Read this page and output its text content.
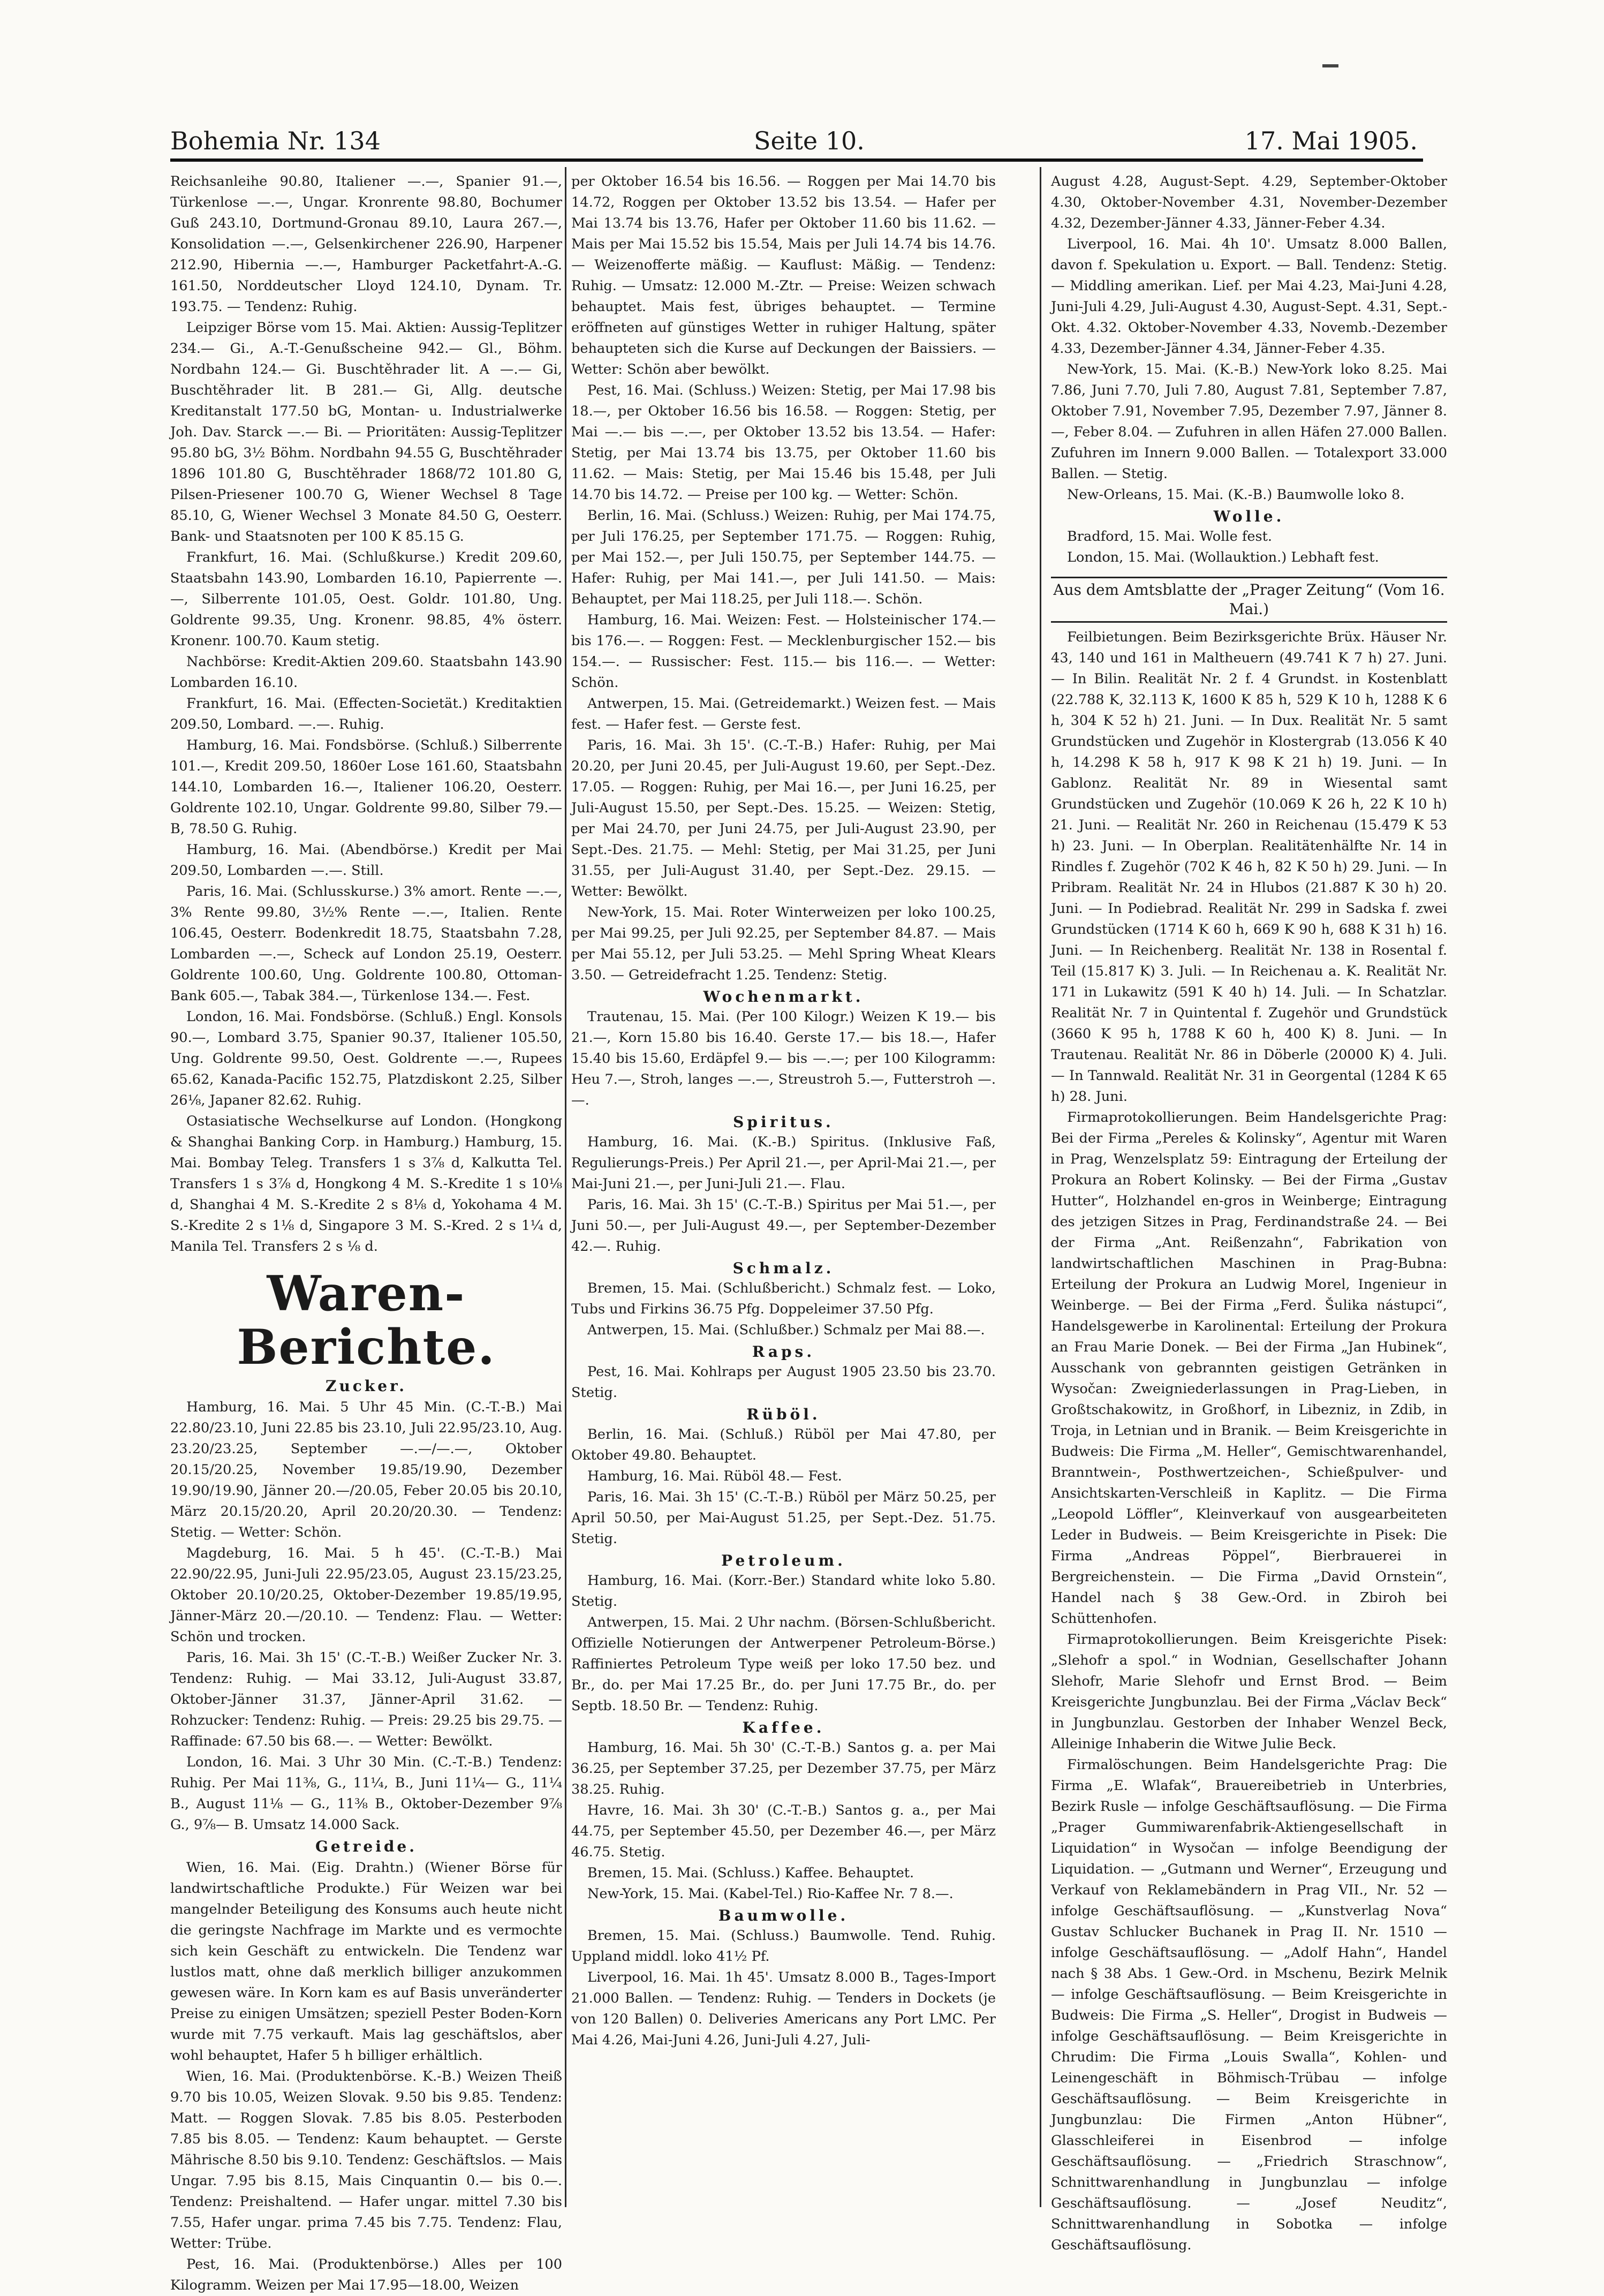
Bohemia Nr. 134	Seite 10.	17. Mai 1905.

Reichsanleihe 90.80, Italiener —.—, Spanier 91.—, Türkenlose —.—, Ungar. Kronrente 98.80, Bochumer Guß 243.10, Dortmund-Gronau 89.10, Laura 267.—, Konsolidation —.—, Gelsenkirchener 226.90, Harpener 212.90, Hibernia —.—, Hamburger Packetfahrt-A.-G. 161.50, Norddeutscher Lloyd 124.10, Dynam. Tr. 193.75. — Tendenz: Ruhig.

Leipziger Börse vom 15. Mai. Aktien: Aussig-Teplitzer 234.— Gi., A.-T.-Genußscheine 942.— Gl., Böhm. Nordbahn 124.— Gi. Buschtěhrader lit. A —.— Gi, Buschtěhrader lit. B 281.— Gi, Allg. deutsche Kreditanstalt 177.50 bG, Montan- u. Industrialwerke Joh. Dav. Starck —.— Bi. — Prioritäten: Aussig-Teplitzer 95.80 bG, 3½ Böhm. Nordbahn 94.55 G, Buschtěhrader 1896 101.80 G, Buschtěhrader 1868/72 101.80 G, Pilsen-Priesener 100.70 G, Wiener Wechsel 8 Tage 85.10, G, Wiener Wechsel 3 Monate 84.50 G, Oesterr. Bank- und Staatsnoten per 100 K 85.15 G.

Frankfurt, 16. Mai. (Schlußkurse.) Kredit 209.60, Staatsbahn 143.90, Lombarden 16.10, Papierrente —.—, Silberrente 101.05, Oest. Goldr. 101.80, Ung. Goldrente 99.35, Ung. Kronenr. 98.85, 4% österr. Kronenr. 100.70. Kaum stetig.

Nachbörse: Kredit-Aktien 209.60. Staatsbahn 143.90 Lombarden 16.10.

Frankfurt, 16. Mai. (Effecten-Societät.) Kreditaktien 209.50, Lombard. —.—. Ruhig.

Hamburg, 16. Mai. Fondsbörse. (Schluß.) Silberrente 101.—, Kredit 209.50, 1860er Lose 161.60, Staatsbahn 144.10, Lombarden 16.—, Italiener 106.20, Oesterr. Goldrente 102.10, Ungar. Goldrente 99.80, Silber 79.— B, 78.50 G. Ruhig.

Hamburg, 16. Mai. (Abendbörse.) Kredit per Mai 209.50, Lombarden —.—. Still.

Paris, 16. Mai. (Schlusskurse.) 3% amort. Rente —.—, 3% Rente 99.80, 3½% Rente —.—, Italien. Rente 106.45, Oesterr. Bodenkredit 18.75, Staatsbahn 7.28, Lombarden —.—, Scheck auf London 25.19, Oesterr. Goldrente 100.60, Ung. Goldrente 100.80, Ottoman-Bank 605.—, Tabak 384.—, Türkenlose 134.—. Fest.

London, 16. Mai. Fondsbörse. (Schluß.) Engl. Konsols 90.—, Lombard 3.75, Spanier 90.37, Italiener 105.50, Ung. Goldrente 99.50, Oest. Goldrente —.—, Rupees 65.62, Kanada-Pacific 152.75, Platzdiskont 2.25, Silber 26⅛, Japaner 82.62. Ruhig.

Ostasiatische Wechselkurse auf London. (Hongkong & Shanghai Banking Corp. in Hamburg.) Hamburg, 15. Mai. Bombay Teleg. Transfers 1 s 3⅞ d, Kalkutta Tel. Transfers 1 s 3⅞ d, Hongkong 4 M. S.-Kredite 1 s 10⅛ d, Shanghai 4 M. S.-Kredite 2 s 8⅛ d, Yokohama 4 M. S.-Kredite 2 s 1⅛ d, Singapore 3 M. S.-Kred. 2 s 1¼ d, Manila Tel. Transfers 2 s ⅛ d.

Waren-Berichte.
Zucker.

Hamburg, 16. Mai. 5 Uhr 45 Min. (C.-T.-B.) Mai 22.80/23.10, Juni 22.85 bis 23.10, Juli 22.95/23.10, Aug. 23.20/23.25, September —.—/—.—, Oktober 20.15/20.25, November 19.85/19.90, Dezember 19.90/19.90, Jänner 20.—/20.05, Feber 20.05 bis 20.10, März 20.15/20.20, April 20.20/20.30. — Tendenz: Stetig. — Wetter: Schön.

Magdeburg, 16. Mai. 5 h 45'. (C.-T.-B.) Mai 22.90/22.95, Juni-Juli 22.95/23.05, August 23.15/23.25, Oktober 20.10/20.25, Oktober-Dezember 19.85/19.95, Jänner-März 20.—/20.10. — Tendenz: Flau. — Wetter: Schön und trocken.

Paris, 16. Mai. 3h 15' (C.-T.-B.) Weißer Zucker Nr. 3. Tendenz: Ruhig. — Mai 33.12, Juli-August 33.87, Oktober-Jänner 31.37, Jänner-April 31.62. — Rohzucker: Tendenz: Ruhig. — Preis: 29.25 bis 29.75. — Raffinade: 67.50 bis 68.—. — Wetter: Bewölkt.

London, 16. Mai. 3 Uhr 30 Min. (C.-T.-B.) Tendenz: Ruhig. Per Mai 11⅜, G., 11¼, B., Juni 11¼— G., 11¼ B., August 11⅛ — G., 11⅜ B., Oktober-Dezember 9⅞ G., 9⅞— B. Umsatz 14.000 Sack.

Getreide.

Wien, 16. Mai. (Eig. Drahtn.) (Wiener Börse für landwirtschaftliche Produkte.) Für Weizen war bei mangelnder Beteiligung des Konsums auch heute nicht die geringste Nachfrage im Markte und es vermochte sich kein Geschäft zu entwickeln. Die Tendenz war lustlos matt, ohne daß merklich billiger anzukommen gewesen wäre. In Korn kam es auf Basis unveränderter Preise zu einigen Umsätzen; speziell Pester Boden-Korn wurde mit 7.75 verkauft. Mais lag geschäftslos, aber wohl behauptet, Hafer 5 h billiger erhältlich.

Wien, 16. Mai. (Produktenbörse. K.-B.) Weizen Theiß 9.70 bis 10.05, Weizen Slovak. 9.50 bis 9.85. Tendenz: Matt. — Roggen Slovak. 7.85 bis 8.05. Pesterboden 7.85 bis 8.05. — Tendenz: Kaum behauptet. — Gerste Mährische 8.50 bis 9.10. Tendenz: Geschäftslos. — Mais Ungar. 7.95 bis 8.15, Mais Cinquantin 0.— bis 0.—. Tendenz: Preishaltend. — Hafer ungar. mittel 7.30 bis 7.55, Hafer ungar. prima 7.45 bis 7.75. Tendenz: Flau, Wetter: Trübe.

Pest, 16. Mai. (Produktenbörse.) Alles per 100 Kilogramm. Weizen per Mai 17.95—18.00, Weizen

per Oktober 16.54 bis 16.56. — Roggen per Mai 14.70 bis 14.72, Roggen per Oktober 13.52 bis 13.54. — Hafer per Mai 13.74 bis 13.76, Hafer per Oktober 11.60 bis 11.62. — Mais per Mai 15.52 bis 15.54, Mais per Juli 14.74 bis 14.76. — Weizenofferte mäßig. — Kauflust: Mäßig. — Tendenz: Ruhig. — Umsatz: 12.000 M.-Ztr. — Preise: Weizen schwach behauptet. Mais fest, übriges behauptet. — Termine eröffneten auf günstiges Wetter in ruhiger Haltung, später behaupteten sich die Kurse auf Deckungen der Baissiers. — Wetter: Schön aber bewölkt.

Pest, 16. Mai. (Schluss.) Weizen: Stetig, per Mai 17.98 bis 18.—, per Oktober 16.56 bis 16.58. — Roggen: Stetig, per Mai —.— bis —.—, per Oktober 13.52 bis 13.54. — Hafer: Stetig, per Mai 13.74 bis 13.75, per Oktober 11.60 bis 11.62. — Mais: Stetig, per Mai 15.46 bis 15.48, per Juli 14.70 bis 14.72. — Preise per 100 kg. — Wetter: Schön.

Berlin, 16. Mai. (Schluss.) Weizen: Ruhig, per Mai 174.75, per Juli 176.25, per September 171.75. — Roggen: Ruhig, per Mai 152.—, per Juli 150.75, per September 144.75. — Hafer: Ruhig, per Mai 141.—, per Juli 141.50. — Mais: Behauptet, per Mai 118.25, per Juli 118.—. Schön.

Hamburg, 16. Mai. Weizen: Fest. — Holsteinischer 174.— bis 176.—. — Roggen: Fest. — Mecklenburgischer 152.— bis 154.—. — Russischer: Fest. 115.— bis 116.—. — Wetter: Schön.

Antwerpen, 15. Mai. (Getreidemarkt.) Weizen fest. — Mais fest. — Hafer fest. — Gerste fest.

Paris, 16. Mai. 3h 15'. (C.-T.-B.) Hafer: Ruhig, per Mai 20.20, per Juni 20.45, per Juli-August 19.60, per Sept.-Dez. 17.05. — Roggen: Ruhig, per Mai 16.—, per Juni 16.25, per Juli-August 15.50, per Sept.-Des. 15.25. — Weizen: Stetig, per Mai 24.70, per Juni 24.75, per Juli-August 23.90, per Sept.-Des. 21.75. — Mehl: Stetig, per Mai 31.25, per Juni 31.55, per Juli-August 31.40, per Sept.-Dez. 29.15. — Wetter: Bewölkt.

New-York, 15. Mai. Roter Winterweizen per loko 100.25, per Mai 99.25, per Juli 92.25, per September 84.87. — Mais per Mai 55.12, per Juli 53.25. — Mehl Spring Wheat Klears 3.50. — Getreidefracht 1.25. Tendenz: Stetig.

Wochenmarkt.

Trautenau, 15. Mai. (Per 100 Kilogr.) Weizen K 19.— bis 21.—, Korn 15.80 bis 16.40. Gerste 17.— bis 18.—, Hafer 15.40 bis 15.60, Erdäpfel 9.— bis —.—; per 100 Kilogramm: Heu 7.—, Stroh, langes —.—, Streustroh 5.—, Futterstroh —.—.

Spiritus.

Hamburg, 16. Mai. (K.-B.) Spiritus. (Inklusive Faß, Regulierungs-Preis.) Per April 21.—, per April-Mai 21.—, per Mai-Juni 21.—, per Juni-Juli 21.—. Flau.

Paris, 16. Mai. 3h 15' (C.-T.-B.) Spiritus per Mai 51.—, per Juni 50.—, per Juli-August 49.—, per September-Dezember 42.—. Ruhig.

Schmalz.

Bremen, 15. Mai. (Schlußbericht.) Schmalz fest. — Loko, Tubs und Firkins 36.75 Pfg. Doppeleimer 37.50 Pfg.

Antwerpen, 15. Mai. (Schlußber.) Schmalz per Mai 88.—.

Raps.

Pest, 16. Mai. Kohlraps per August 1905 23.50 bis 23.70. Stetig.

Rüböl.

Berlin, 16. Mai. (Schluß.) Rüböl per Mai 47.80, per Oktober 49.80. Behauptet.

Hamburg, 16. Mai. Rüböl 48.— Fest.

Paris, 16. Mai. 3h 15' (C.-T.-B.) Rüböl per März 50.25, per April 50.50, per Mai-August 51.25, per Sept.-Dez. 51.75. Stetig.

Petroleum.

Hamburg, 16. Mai. (Korr.-Ber.) Standard white loko 5.80. Stetig.

Antwerpen, 15. Mai. 2 Uhr nachm. (Börsen-Schlußbericht. Offizielle Notierungen der Antwerpener Petroleum-Börse.) Raffiniertes Petroleum Type weiß per loko 17.50 bez. und Br., do. per Mai 17.25 Br., do. per Juni 17.75 Br., do. per Septb. 18.50 Br. — Tendenz: Ruhig.

Kaffee.

Hamburg, 16. Mai. 5h 30' (C.-T.-B.) Santos g. a. per Mai 36.25, per September 37.25, per Dezember 37.75, per März 38.25. Ruhig.

Havre, 16. Mai. 3h 30' (C.-T.-B.) Santos g. a., per Mai 44.75, per September 45.50, per Dezember 46.—, per März 46.75. Stetig.

Bremen, 15. Mai. (Schluss.) Kaffee. Behauptet.

New-York, 15. Mai. (Kabel-Tel.) Rio-Kaffee Nr. 7 8.—.

Baumwolle.

Bremen, 15. Mai. (Schluss.) Baumwolle. Tend. Ruhig. Uppland middl. loko 41½ Pf.

Liverpool, 16. Mai. 1h 45'. Umsatz 8.000 B., Tages-Import 21.000 Ballen. — Tendenz: Ruhig. — Tenders in Dockets (je von 120 Ballen) 0. Deliveries Americans any Port LMC. Per Mai 4.26, Mai-Juni 4.26, Juni-Juli 4.27, Juli-

August 4.28, August-Sept. 4.29, September-Oktober 4.30, Oktober-November 4.31, November-Dezember 4.32, Dezember-Jänner 4.33, Jänner-Feber 4.34.

Liverpool, 16. Mai. 4h 10'. Umsatz 8.000 Ballen, davon f. Spekulation u. Export. — Ball. Tendenz: Stetig. — Middling amerikan. Lief. per Mai 4.23, Mai-Juni 4.28, Juni-Juli 4.29, Juli-August 4.30, August-Sept. 4.31, Sept.-Okt. 4.32. Oktober-November 4.33, Novemb.-Dezember 4.33, Dezember-Jänner 4.34, Jänner-Feber 4.35.

New-York, 15. Mai. (K.-B.) New-York loko 8.25. Mai 7.86, Juni 7.70, Juli 7.80, August 7.81, September 7.87, Oktober 7.91, November 7.95, Dezember 7.97, Jänner 8.—, Feber 8.04. — Zufuhren in allen Häfen 27.000 Ballen. Zufuhren im Innern 9.000 Ballen. — Totalexport 33.000 Ballen. — Stetig.

New-Orleans, 15. Mai. (K.-B.) Baumwolle loko 8.

Wolle.

Bradford, 15. Mai. Wolle fest.

London, 15. Mai. (Wollauktion.) Lebhaft fest.

Aus dem Amtsblatte der „Prager Zeitung“ (Vom 16. Mai.)

Feilbietungen. Beim Bezirksgerichte Brüx. Häuser Nr. 43, 140 und 161 in Maltheuern (49.741 K 7 h) 27. Juni. — In Bilin. Realität Nr. 2 f. 4 Grundst. in Kostenblatt (22.788 K, 32.113 K, 1600 K 85 h, 529 K 10 h, 1288 K 6 h, 304 K 52 h) 21. Juni. — In Dux. Realität Nr. 5 samt Grundstücken und Zugehör in Klostergrab (13.056 K 40 h, 14.298 K 58 h, 917 K 98 K 21 h) 19. Juni. — In Gablonz. Realität Nr. 89 in Wiesental samt Grundstücken und Zugehör (10.069 K 26 h, 22 K 10 h) 21. Juni. — Realität Nr. 260 in Reichenau (15.479 K 53 h) 23. Juni. — In Oberplan. Realitätenhälfte Nr. 14 in Rindles f. Zugehör (702 K 46 h, 82 K 50 h) 29. Juni. — In Pribram. Realität Nr. 24 in Hlubos (21.887 K 30 h) 20. Juni. — In Podiebrad. Realität Nr. 299 in Sadska f. zwei Grundstücken (1714 K 60 h, 669 K 90 h, 688 K 31 h) 16. Juni. — In Reichenberg. Realität Nr. 138 in Rosental f. Teil (15.817 K) 3. Juli. — In Reichenau a. K. Realität Nr. 171 in Lukawitz (591 K 40 h) 14. Juli. — In Schatzlar. Realität Nr. 7 in Quintental f. Zugehör und Grundstück (3660 K 95 h, 1788 K 60 h, 400 K) 8. Juni. — In Trautenau. Realität Nr. 86 in Döberle (20000 K) 4. Juli. — In Tannwald. Realität Nr. 31 in Georgental (1284 K 65 h) 28. Juni.

Firmaprotokollierungen. Beim Handelsgerichte Prag: Bei der Firma „Pereles & Kolinsky“, Agentur mit Waren in Prag, Wenzelsplatz 59: Eintragung der Erteilung der Prokura an Robert Kolinsky. — Bei der Firma „Gustav Hutter“, Holzhandel en-gros in Weinberge; Eintragung des jetzigen Sitzes in Prag, Ferdinandstraße 24. — Bei der Firma „Ant. Reißenzahn“, Fabrikation von landwirtschaftlichen Maschinen in Prag-Bubna: Erteilung der Prokura an Ludwig Morel, Ingenieur in Weinberge. — Bei der Firma „Ferd. Šulika nástupci“, Handelsgewerbe in Karolinental: Erteilung der Prokura an Frau Marie Donek. — Bei der Firma „Jan Hubinek“, Ausschank von gebrannten geistigen Getränken in Wysočan: Zweigniederlassungen in Prag-Lieben, in Großtschakowitz, in Großhorf, in Libezniz, in Zdib, in Troja, in Letnian und in Branik. — Beim Kreisgerichte in Budweis: Die Firma „M. Heller“, Gemischtwarenhandel, Branntwein-, Posthwertzeichen-, Schießpulver- und Ansichtskarten-Verschleiß in Kaplitz. — Die Firma „Leopold Löffler“, Kleinverkauf von ausgearbeiteten Leder in Budweis. — Beim Kreisgerichte in Pisek: Die Firma „Andreas Pöppel“, Bierbrauerei in Bergreichenstein. — Die Firma „David Ornstein“, Handel nach § 38 Gew.-Ord. in Zbiroh bei Schüttenhofen.

Firmaprotokollierungen. Beim Kreisgerichte Pisek: „Slehofr a spol.“ in Wodnian, Gesellschafter Johann Slehofr, Marie Slehofr und Ernst Brod. — Beim Kreisgerichte Jungbunzlau. Bei der Firma „Václav Beck“ in Jungbunzlau. Gestorben der Inhaber Wenzel Beck, Alleinige Inhaberin die Witwe Julie Beck.

Firmalöschungen. Beim Handelsgerichte Prag: Die Firma „E. Wlafak“, Brauereibetrieb in Unterbries, Bezirk Rusle — infolge Geschäftsauflösung. — Die Firma „Prager Gummiwarenfabrik-Aktiengesellschaft in Liquidation“ in Wysočan — infolge Beendigung der Liquidation. — „Gutmann und Werner“, Erzeugung und Verkauf von Reklamebändern in Prag VII., Nr. 52 — infolge Geschäftsauflösung. — „Kunstverlag Nova“ Gustav Schlucker Buchanek in Prag II. Nr. 1510 — infolge Geschäftsauflösung. — „Adolf Hahn“, Handel nach § 38 Abs. 1 Gew.-Ord. in Mschenu, Bezirk Melnik — infolge Geschäftsauflösung. — Beim Kreisgerichte in Budweis: Die Firma „S. Heller“, Drogist in Budweis — infolge Geschäftsauflösung. — Beim Kreisgerichte in Chrudim: Die Firma „Louis Swalla“, Kohlen- und Leinengeschäft in Böhmisch-Trübau — infolge Geschäftsauflösung. — Beim Kreisgerichte in Jungbunzlau: Die Firmen „Anton Hübner“, Glasschleiferei in Eisenbrod — infolge Geschäftsauflösung. — „Friedrich Straschnow“, Schnittwarenhandlung in Jungbunzlau — infolge Geschäftsauflösung. — „Josef Neuditz“, Schnittwarenhandlung in Sobotka — infolge Geschäftsauflösung.
